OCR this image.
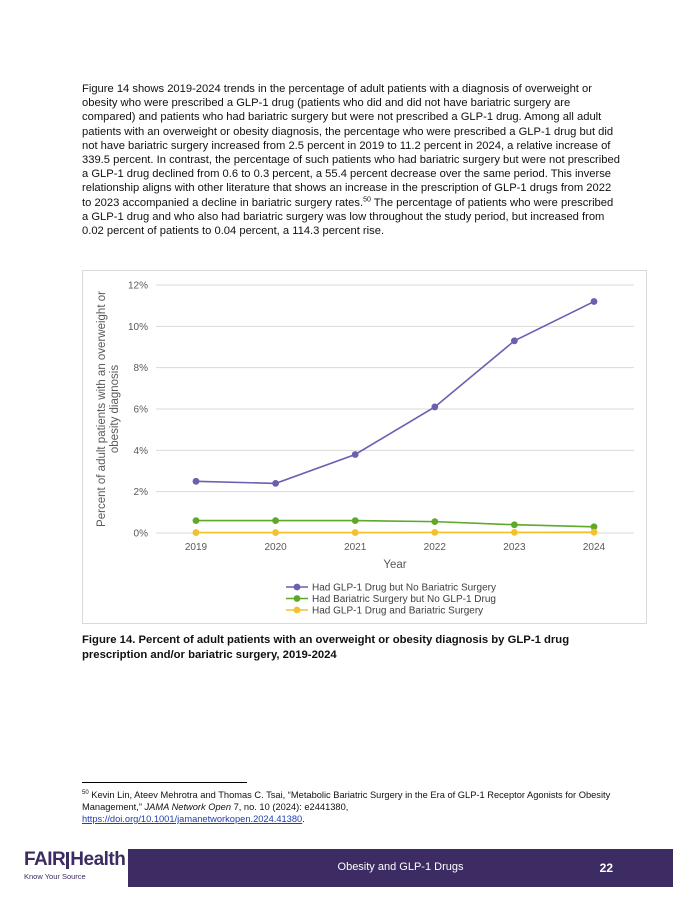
Figure 14 shows 2019-2024 trends in the percentage of adult patients with a diagnosis of overweight or obesity who were prescribed a GLP-1 drug (patients who did and did not have bariatric surgery are compared) and patients who had bariatric surgery but were not prescribed a GLP-1 drug. Among all adult patients with an overweight or obesity diagnosis, the percentage who were prescribed a GLP-1 drug but did not have bariatric surgery increased from 2.5 percent in 2019 to 11.2 percent in 2024, a relative increase of 339.5 percent. In contrast, the percentage of such patients who had bariatric surgery but were not prescribed a GLP-1 drug declined from 0.6 to 0.3 percent, a 55.4 percent decrease over the same period. This inverse relationship aligns with other literature that shows an increase in the prescription of GLP-1 drugs from 2022 to 2023 accompanied a decline in bariatric surgery rates.$^{50}$ The percentage of patients who were prescribed a GLP-1 drug and who also had bariatric surgery was low throughout the study period, but increased from 0.02 percent of patients to 0.04 percent, a 114.3 percent rise.
0%
2%
4%
6%
8%
10%
12%
2019	2020	2021	2022	2023	2024
Year
Percent of adult patients with an overweight orobesity diagnosis
Had GLP-1 Drug but No Bariatric Surgery
Had Bariatric Surgery but No GLP-1 Drug
Had GLP-1 Drug and Bariatric Surgery
Figure 14. Percent of adult patients with an overweight or obesity diagnosis by GLP-1 drug prescription and/or bariatric surgery, 2019-2024
$^{50}$ Kevin Lin, Ateev Mehrotra and Thomas C. Tsai, “Metabolic Bariatric Surgery in the Era of GLP-1 Receptor Agonists for Obesity Management,” JAMA Network Open 7, no. 10 (2024): e2441380,
https://doi.org/10.1001/jamanetworkopen.2024.41380.
FAIR Health
Know Your Source
Obesity and GLP-1 Drugs	22
